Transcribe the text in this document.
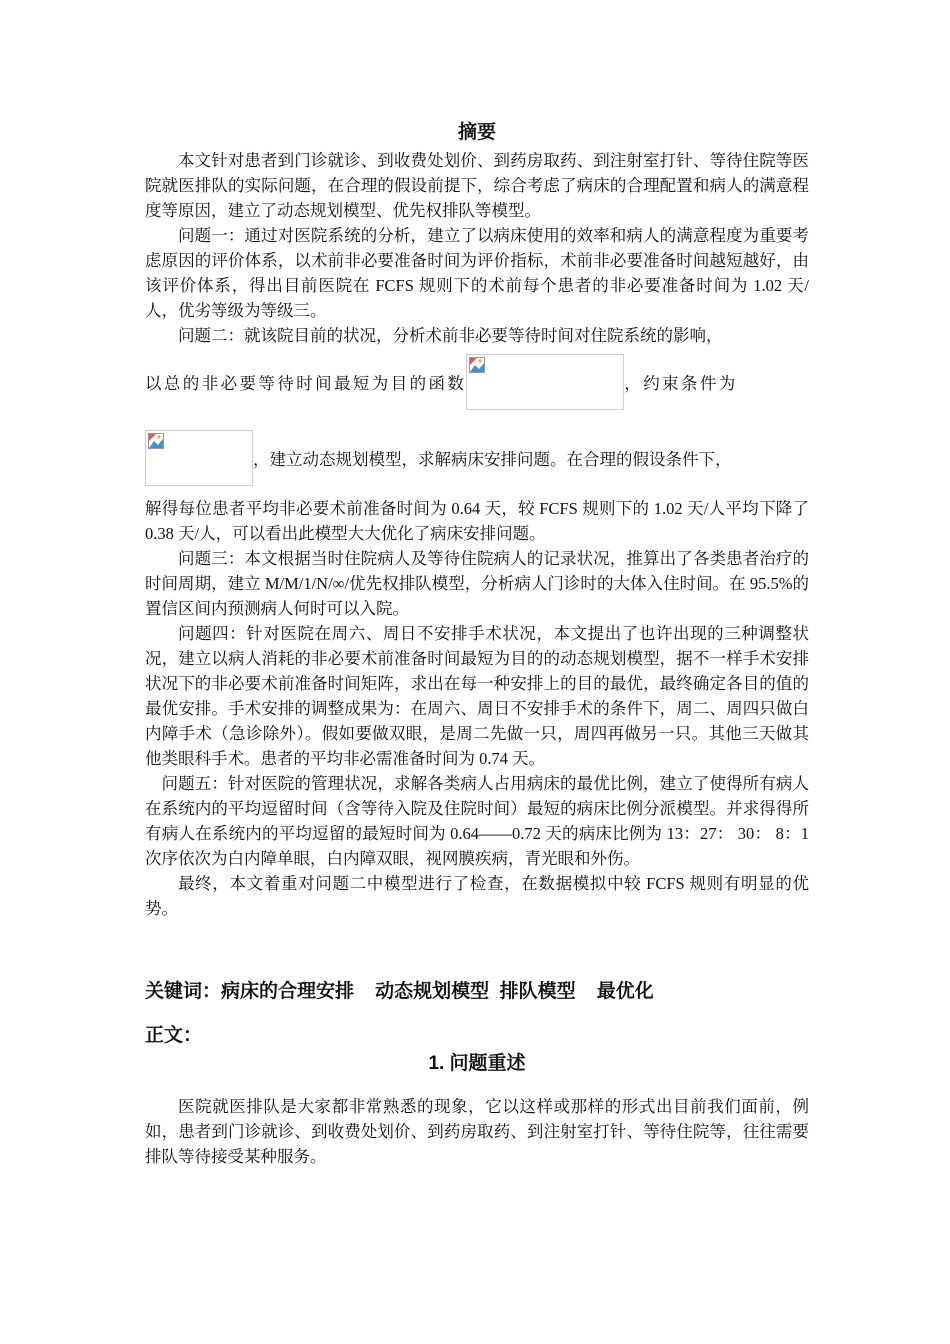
摘要

本文针对患者到门诊就诊、到收费处划价、到药房取药、到注射室打针、等待住院等医院就医排队的实际问题，在合理的假设前提下，综合考虑了病床的合理配置和病人的满意程度等原因，建立了动态规划模型、优先权排队等模型。

问题一：通过对医院系统的分析，建立了以病床使用的效率和病人的满意程度为重要考虑原因的评价体系，以术前非必要准备时间为评价指标，术前非必要准备时间越短越好，由该评价体系，得出目前医院在 FCFS 规则下的术前每个患者的非必要准备时间为 1.02 天/人，优劣等级为等级三。

问题二：就该院目前的状况，分析术前非必要等待时间对住院系统的影响，

以总的非必要等待时间最短为目的函数	，约束条件为
，建立动态规划模型，求解病床安排问题。在合理的假设条件下，

解得每位患者平均非必要术前准备时间为 0.64 天，较 FCFS 规则下的 1.02 天/人平均下降了 0.38 天/人，可以看出此模型大大优化了病床安排问题。

问题三：本文根据当时住院病人及等待住院病人的记录状况，推算出了各类患者治疗的时间周期，建立 M/M/1/N/∞/优先权排队模型，分析病人门诊时的大体入住时间。在 95.5%的置信区间内预测病人何时可以入院。

问题四：针对医院在周六、周日不安排手术状况，本文提出了也许出现的三种调整状况，建立以病人消耗的非必要术前准备时间最短为目的的动态规划模型，据不一样手术安排状况下的非必要术前准备时间矩阵，求出在每一种安排上的目的最优，最终确定各目的值的最优安排。手术安排的调整成果为：在周六、周日不安排手术的条件下，周二、周四只做白内障手术（急诊除外）。假如要做双眼，是周二先做一只，周四再做另一只。其他三天做其他类眼科手术。患者的平均非必需准备时间为 0.74 天。

问题五：针对医院的管理状况，求解各类病人占用病床的最优比例，建立了使得所有病人在系统内的平均逗留时间（含等待入院及住院时间）最短的病床比例分派模型。并求得得所有病人在系统内的平均逗留的最短时间为 0.64——0.72 天的病床比例为 13：27： 30： 8：1 次序依次为白内障单眼，白内障双眼，视网膜疾病，青光眼和外伤。

最终，本文着重对问题二中模型进行了检查，在数据模拟中较 FCFS 规则有明显的优势。

关键词：病床的合理安排    动态规划模型  排队模型    最优化
正文：
1. 问题重述

医院就医排队是大家都非常熟悉的现象，它以这样或那样的形式出目前我们面前，例如，患者到门诊就诊、到收费处划价、到药房取药、到注射室打针、等待住院等，往往需要排队等待接受某种服务。
